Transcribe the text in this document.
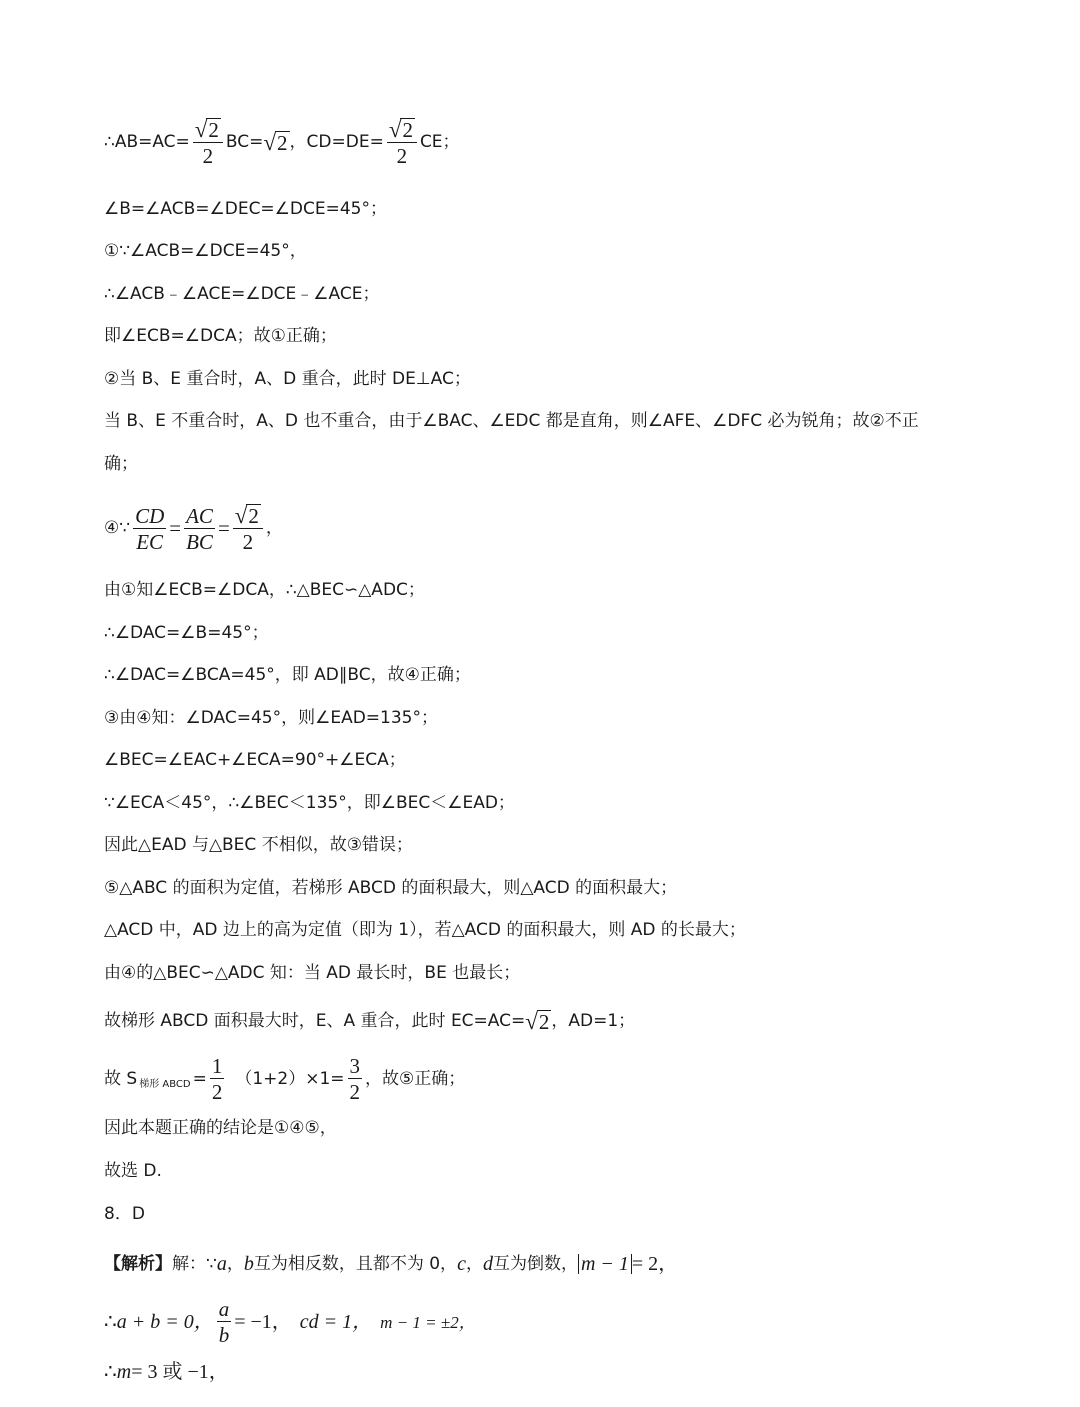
∴AB=AC= $\frac{√ 2}{2} BC=$ √ 2 ，$CD=DE= \frac{√ 2}{2}$ CE；
∠B=∠ACB=∠DEC=∠DCE=45°；
①∵∠ACB=∠DCE=45°，
∴∠ACB﹣∠ACE=∠DCE﹣∠ACE；
即∠ECB=∠DCA；故①正确；
②当 B、E 重合时，A、D 重合，此时 DE⊥AC；
当 B、E 不重合时，A、D 也不重合，由于∠BAC、∠EDC 都是直角，则∠AFE、∠DFC 必为锐角；故②不正
确；
④∵ $\frac{CD}{EC} = \frac{AC}{BC} = \frac{√ 2}{2}$ ，
由①知∠ECB=∠DCA，∴△BEC∽△ADC；
∴∠DAC=∠B=45°；
∴∠DAC=∠BCA=45°，即 AD∥BC，故④正确；
③由④知：∠DAC=45°，则∠EAD=135°；
∠BEC=∠EAC+∠ECA=90°+∠ECA；
∵∠ECA＜45°，∴∠BEC＜135°，即∠BEC＜∠EAD；
因此△EAD 与△BEC 不相似，故③错误；
⑤△ABC 的面积为定值，若梯形 ABCD 的面积最大，则△ACD 的面积最大；
△ACD 中，AD 边上的高为定值（即为 1），若△ACD 的面积最大，则 AD 的长最大；
由④的△BEC∽△ADC 知：当 AD 最长时，BE 也最长；
故梯形 ABCD 面积最大时，E、A 重合，此时 EC=AC= √ 2 ，AD=1；
故 S 梯形 ABCD = $\frac{1}{2} (1+2)\times 1= \frac{3}{2}$ ，故⑤正确；
因此本题正确的结论是①④⑤，
故选 D.
8．D
【解析】 解：∵ a ， b 互为相反数，且都不为 0， c ， d 互为倒数， m − 1 = 2，
∴ a + b = 0， $\frac{a}{b} = -1$， cd = 1， m − 1 = ±2，
∴ m = 3 或 −1，
